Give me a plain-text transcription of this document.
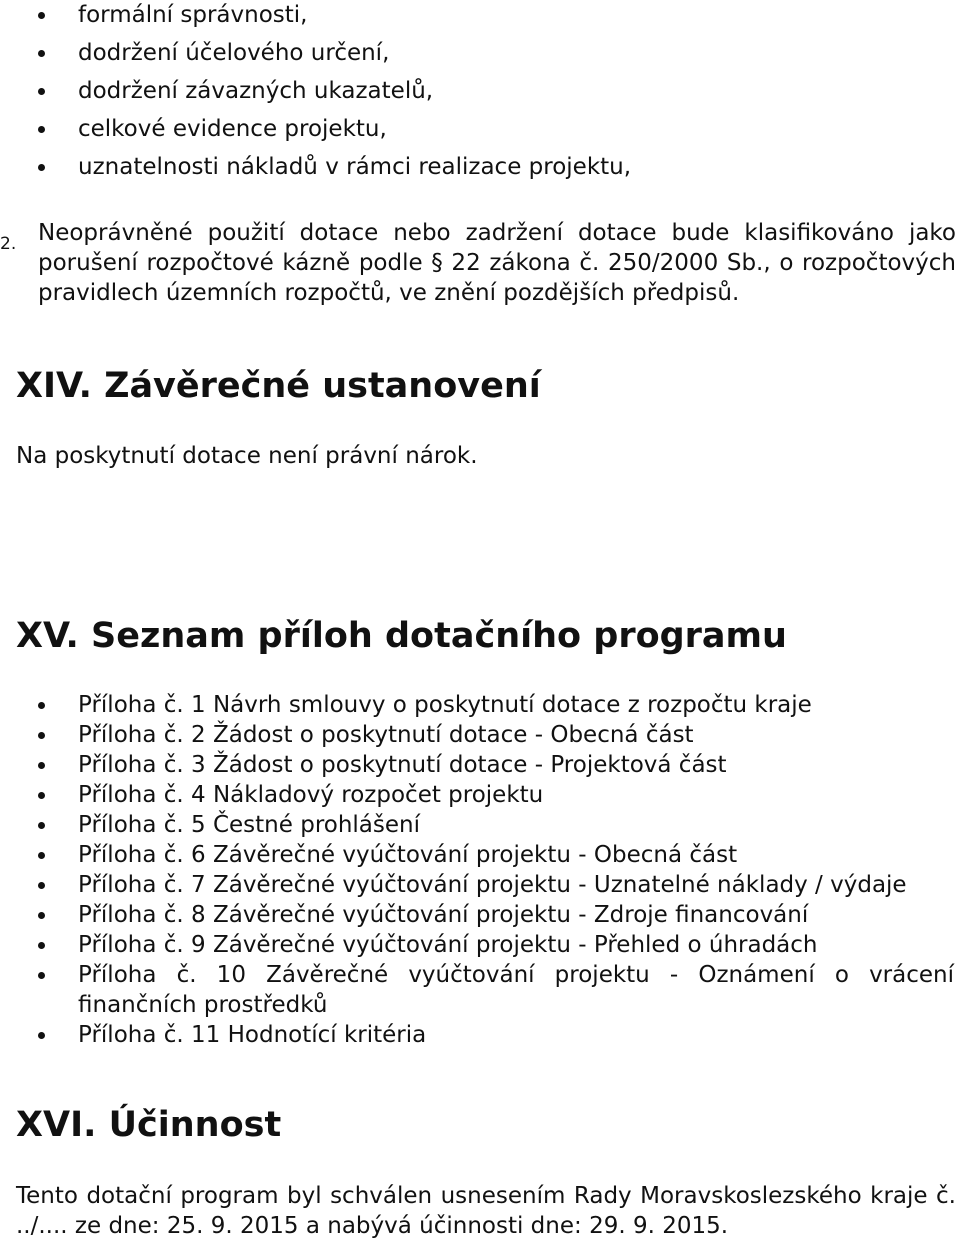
formální správnosti,
dodržení účelového určení,
dodržení závazných ukazatelů,
celkové evidence projektu,
uznatelnosti nákladů v rámci realizace projektu,
2. Neoprávněné použití dotace nebo zadržení dotace bude klasifikováno jako porušení rozpočtové kázně podle § 22 zákona č. 250/2000 Sb., o rozpočtových pravidlech územních rozpočtů, ve znění pozdějších předpisů.
XIV. Závěrečné ustanovení
Na poskytnutí dotace není právní nárok.
XV. Seznam příloh dotačního programu
Příloha č. 1 Návrh smlouvy o poskytnutí dotace z rozpočtu kraje
Příloha č. 2 Žádost o poskytnutí dotace - Obecná část
Příloha č. 3 Žádost o poskytnutí dotace - Projektová část
Příloha č. 4 Nákladový rozpočet projektu
Příloha č. 5 Čestné prohlášení
Příloha č. 6 Závěrečné vyúčtování projektu - Obecná část
Příloha č. 7 Závěrečné vyúčtování projektu - Uznatelné náklady / výdaje
Příloha č. 8 Závěrečné vyúčtování projektu - Zdroje financování
Příloha č. 9 Závěrečné vyúčtování projektu - Přehled o úhradách
Příloha č. 10 Závěrečné vyúčtování projektu - Oznámení o vrácení finančních prostředků
Příloha č. 11 Hodnotící kritéria
XVI. Účinnost
Tento dotační program byl schválen usnesením Rady Moravskoslezského kraje č. ../.... ze dne: 25. 9. 2015 a nabývá účinnosti dne: 29. 9. 2015.
